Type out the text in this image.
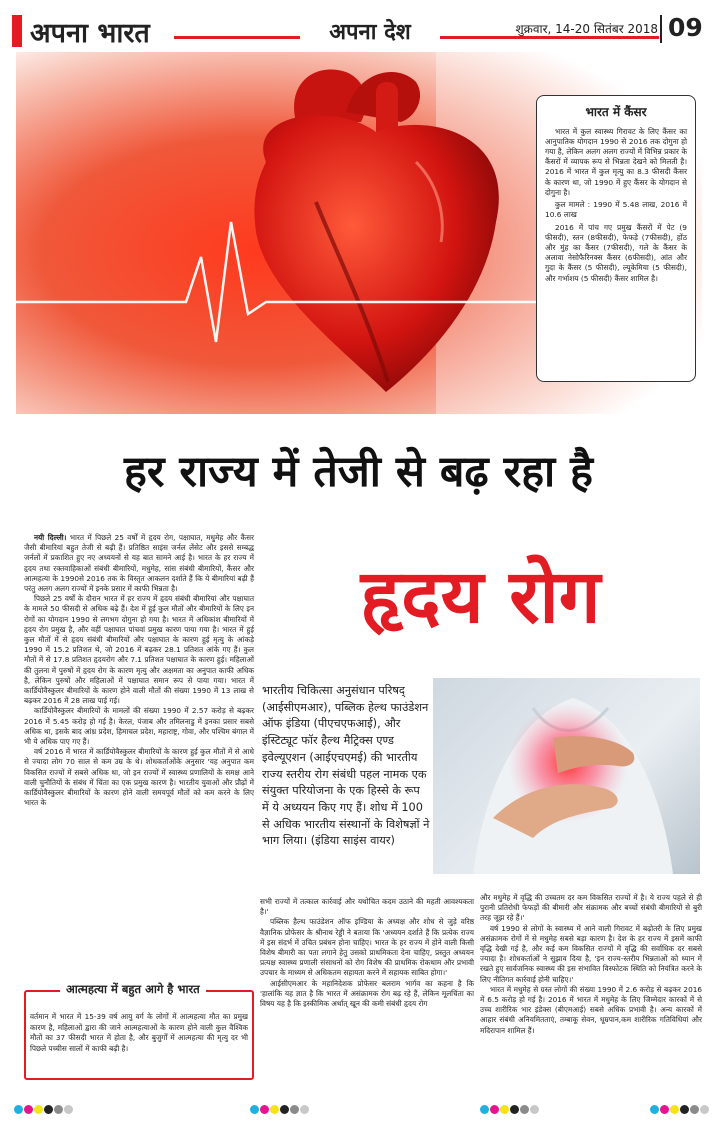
अपना भारत	अपना देश	शुक्रवार, 14-20 सितंबर 2018 09
भारत में कैंसर

भारत में कुल स्वास्थ्य गिरावट के लिए कैंसर का आनुपातिक योगदान 1990 से 2016 तक दोगुना हो गया है, लेकिन अलग अलग राज्यों में विभिन्न प्रकार के कैंसरों में व्यापक रूप से भिन्नता देखने को मिलती है। 2016 में भारत में कुल मृत्यु का 8.3 फीसदी कैंसर के कारण था, जो 1990 में हुए कैंसर के योगदान से दोगुना है।

कुल मामले : 1990 में 5.48 लाख, 2016 में 10.6 लाख

2016 में पांच गए प्रमुख कैंसरों में पेट (9 फीसदी), स्तन (8फीसदी), फेफड़े (7फीसदी), होंठ और मुंह का कैंसर (7फीसदी), गले के कैंसर के अलावा नेसोफैरिनक्स कैंसर (6फीसदी), आंत और गुदा के कैंसर (5 फीसदी), ल्यूकेमिया (5 फीसदी), और गर्भाशय (5 फीसदी) कैंसर शामिल है।

हर राज्य में तेजी से बढ़ रहा है
हृदय रोग

नयी दिल्ली। भारत में पिछले 25 वर्षों में हृदय रोग, पक्षाघात, मधुमेह और कैंसर जैसी बीमारियां बहुत तेजी से बढ़ी हैं। प्रतिष्ठित साइंस जर्नल लेंसेट और इससे सम्बद्ध जर्नलों में प्रकाशित हुए नए अध्ययनों से यह बात सामने आई है। भारत के हर राज्य में हृदय तथा रक्तवाहिकाओं संबंधी बीमारियों, मधुमेह, सांस संबंधी बीमारियों, कैंसर और आत्महत्या के 1990से 2016 तक के विस्तृत आकलन दर्शाते हैं कि ये बीमारियां बढ़ी हैं परंतु अलग अलग राज्यों में इनके प्रसार में काफी भिन्नता है।

पिछले 25 वर्षों के दौरान भारत में हर राज्य में हृदय संबंधी बीमारियां और पक्षाघात के मामले 50 फीसदी से अधिक बढ़े हैं। देश में हुई कुल मौतों और बीमारियों के लिए इन रोगों का योगदान 1990 से लगभग दोगुना हो गया है। भारत में अधिकांश बीमारियों में हृदय रोग प्रमुख है, और वहीं पक्षाघात पांचवां प्रमुख कारण पाया गया है। भारत में हुई कुल मौतों में से हृदय संबंधी बीमारियों और पक्षाघात के कारण हुई मृत्यु के आंकड़े 1990 में 15.2 प्रतिशत थे, जो 2016 में बढ़कर 28.1 प्रतिशत आंके गए हैं। कुल मौतों में से 17.8 प्रतिशत हृदयरोग और 7.1 प्रतिशत पक्षाघात के कारण हुई। महिलाओं की तुलना में पुरुषों में हृदय रोग के कारण मृत्यु और अक्षमता का अनुपात काफी अधिक है, लेकिन पुरुषों और महिलाओं में पक्षाघात समान रूप से पाया गया। भारत में कार्डियोवैस्कुलर बीमारियों के कारण होने वाली मौतों की संख्या 1990 में 13 लाख से बढ़कर 2016 में 28 लाख पाई गई।

कार्डियोवैस्कुलर बीमारियों के मामलों की संख्या 1990 में 2.57 करोड़ से बढ़कर 2016 में 5.45 करोड़ हो गई है। केरल, पंजाब और तमिलनाडु में इनका प्रसार सबसे अधिक था, इसके बाद आंध्र प्रदेश, हिमाचल प्रदेश, महाराष्ट्र, गोवा, और पश्चिम बंगाल में भी ये अधिक पाए गए हैं।

वर्ष 2016 में भारत में कार्डियोवैस्कुलर बीमारियों के कारण हुई कुल मौतों में से आधे से ज्यादा लोग 70 साल से कम उम्र के थे। शोधकर्ताओंके अनुसार 'यह अनुपात कम विकसित राज्यों में सबसे अधिक था, जो इन राज्यों में स्वास्थ्य प्रणालियों के समक्ष आने वाली चुनौतियों के संबंध में चिंता का एक प्रमुख कारण है। भारतीय युवाओं और प्रौढ़ों में कार्डियोवैस्कुलर बीमारियों के कारण होने वाली समयपूर्व मौतों को कम करने के लिए भारत के

आत्महत्या में बहुत आगे है भारत
वर्तमान में भारत में 15-39 वर्ष आयु वर्ग के लोगों में आत्महत्या मौत का प्रमुख कारण है, महिलाओं द्वारा की जाने आत्महत्याओं के कारण होने वाली कुल वैश्विक मौतों का 37 फीसदी भारत में होता है, और बुजुर्गों में आत्महत्या की मृत्यु दर भी पिछले पच्चीस सालों में काफी बढ़ी है।
भारतीय चिकित्सा अनुसंधान परिषद् (आईसीएमआर), पब्लिक हेल्थ फाउंडेशन ऑफ इंडिया (पीएचएफआई), और इंस्टिट्यूट फॉर हैल्थ मैट्रिक्स एण्ड इवेल्यूएशन (आईएचएमई) की भारतीय राज्य स्तरीय रोग संबंधी पहल नामक एक संयुक्त परियोजना के एक हिस्से के रूप में ये अध्ययन किए गए हैं। शोध में 100 से अधिक भारतीय संस्थानों के विशेषज्ञों ने भाग लिया। (इंडिया साइंस वायर)

सभी राज्यों में तत्काल कार्रवाई और यथोचित कदम उठाने की महती आवश्यकता है।'

पब्लिक हैल्थ फाउंडेशन ऑफ इण्डिया के अध्यक्ष और शोध से जुड़े वरिष्ठ वैज्ञानिक प्रोफेसर के श्रीनाथ रेड्डी ने बताया कि 'अध्ययन दर्शाते हैं कि प्रत्येक राज्य में इस संदर्भ में उचित प्रबंधन होना चाहिए। भारत के हर राज्य में होने वाली किसी विशेष बीमारी का पता लगाने हेतु उसको प्राथमिकता देना चाहिए, प्रस्तुत अध्ययन प्रत्यक्ष स्वास्थ्य प्रणाली संसाधनों को रोग विशेष की प्राथमिक रोकथाम और प्रभावी उपचार के माध्यम से अधिकतम सहायता करने में सहायक साबित होगा।'

आईसीएमआर के महानिदेशक प्रोफेसर बलराम भार्गव का कहना है कि 'हालांकि यह ज्ञात है कि भारत में असंक्रामक रोग बढ़ रहे हैं, लेकिन मूलचिंता का विषय यह है कि इस्कीमिक अर्थात् खून की कमी संबंधी हृदय रोग

और मधुमेह में वृद्धि की उच्चतम दर कम विकसित राज्यों में है। ये राज्य पहले से ही पुरानी प्रतिरोधी फेफड़ों की बीमारी और संक्रामक और बच्चों संबंधी बीमारियों से बुरी तरह जूझ रहे हैं।'

वर्ष 1990 से लोगों के स्वास्थ्य में आने वाली गिरावट में बढ़ोतरी के लिए प्रमुख असंक्रामक रोगों में से मधुमेह सबसे बड़ा कारण है। देश के हर राज्य में इसमें काफी वृद्धि देखी गई है, और कई कम विकसित राज्यों में वृद्धि की सर्वाधिक दर सबसे ज्यादा है। शोधकर्ताओं ने सुझाव दिया है, 'इन राज्य-स्तरीय भिन्नताओं को ध्यान में रखते हुए सार्वजनिक स्वास्थ्य की इस संभावित विस्फोटक स्थिति को नियंत्रित करने के लिए नीतिगत कार्रवाई होनी चाहिए।'

भारत में मधुमेह से ग्रस्त लोगों की संख्या 1990 में 2.6 करोड़ से बढ़कर 2016 में 6.5 करोड़ हो गई है। 2016 में भारत में मधुमेह के लिए जिम्मेदार कारकों में से उच्च शारीरिक भार इंडेक्स (बीएमआई) सबसे अधिक प्रभावी है। अन्य कारकों में आहार संबंधी अनियमितताएं, तम्बाकू सेवन, धूम्रपान,कम शारीरिक गतिविधियां और मदिरापान शामिल हैं।
